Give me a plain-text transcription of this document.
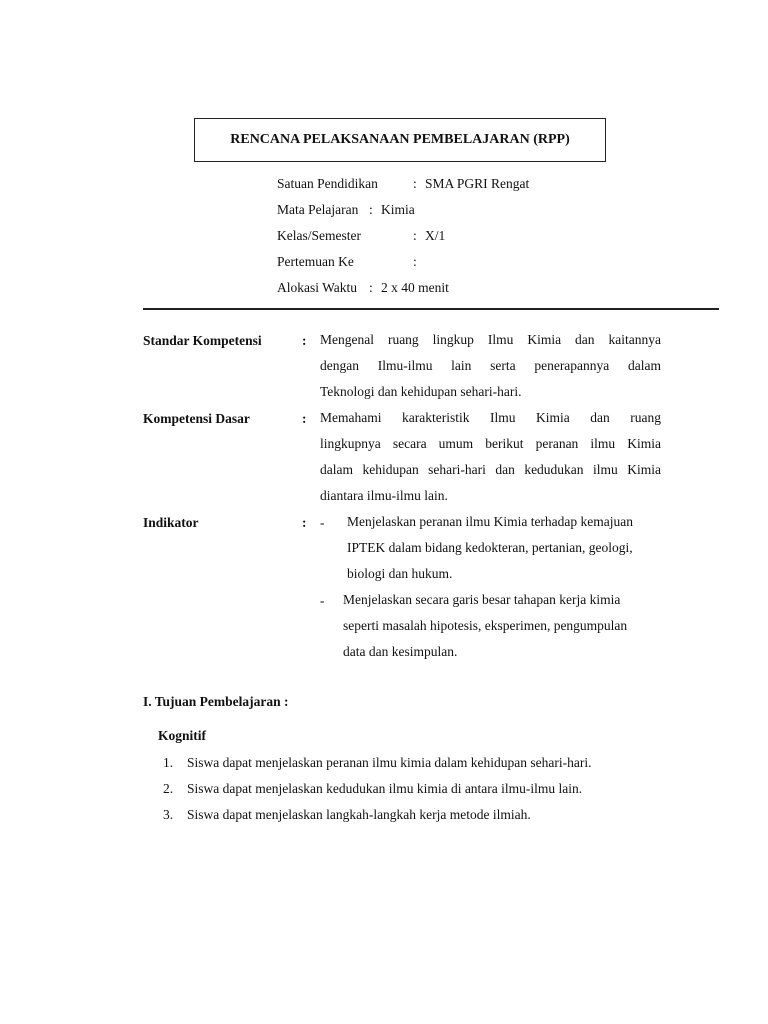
RENCANA PELAKSANAAN PEMBELAJARAN (RPP)
Satuan Pendidikan	: SMA PGRI Rengat
Mata Pelajaran : Kimia
Kelas/Semester	: X/1
Pertemuan Ke	:
Alokasi Waktu : 2 x 40 menit
Standar Kompetensi	: Mengenal ruang lingkup Ilmu Kimia dan kaitannya
dengan Ilmu-ilmu lain serta penerapannya dalam
Teknologi dan kehidupan sehari-hari.
Kompetensi Dasar	: Memahami karakteristik Ilmu Kimia dan ruang
lingkupnya secara umum berikut peranan ilmu Kimia
dalam kehidupan sehari-hari dan kedudukan ilmu Kimia
diantara ilmu-ilmu lain.
Indikator	: - Menjelaskan peranan ilmu Kimia terhadap kemajuan
IPTEK dalam bidang kedokteran, pertanian, geologi,
biologi dan hukum.
- Menjelaskan secara garis besar tahapan kerja kimia
seperti masalah hipotesis, eksperimen, pengumpulan
data dan kesimpulan.
I. Tujuan Pembelajaran :
Kognitif
1. Siswa dapat menjelaskan peranan ilmu kimia dalam kehidupan sehari-hari.
2. Siswa dapat menjelaskan kedudukan ilmu kimia di antara ilmu-ilmu lain.
3. Siswa dapat menjelaskan langkah-langkah kerja metode ilmiah.
